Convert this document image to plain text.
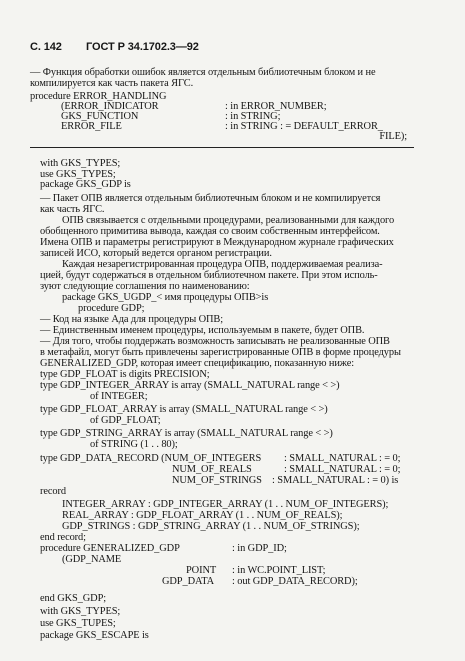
С. 142 ГОСТ Р 34.1702.3—92
— Функция обработки ошибок является отдельным библиотечным блоком и не
компилируется как часть пакета ЯГС.
procedure ERROR_HANDLING
(ERROR_INDICATOR	: in ERROR_NUMBER;
GKS_FUNCTION	: in STRING;
ERROR_FILE	: in STRING : = DEFAULT_ERROR_
FILE);
with GKS_TYPES;
use GKS_TYPES;
package GKS_GDP is
— Пакет ОПВ является отдельным библиотечным блоком и не компилируется
как часть ЯГС.
ОПВ связывается с отдельными процедурами, реализованными для каждого
обобщенного примитива вывода, каждая со своим собственным интерфейсом.
Имена ОПВ и параметры регистрируют в Международном журнале графических
записей ИСО, который ведется органом регистрации.
Каждая незарегистрированная процедура ОПВ, поддерживаемая реализа-
цией, будут содержаться в отдельном библиотечном пакете. При этом исполь-
зуют следующие соглашения по наименованию:
package GKS_UGDP_< имя процедуры ОПВ>is
procedure GDP;
— Код на языке Ада для процедуры ОПВ;
— Единственным именем процедуры, используемым в пакете, будет ОПВ.
— Для того, чтобы поддержать возможность записывать не реализованные ОПВ
в метафайл, могут быть привлечены зарегистрированные ОПВ в форме процедуры
GENERALIZED_GDP, которая имеет спецификацию, показанную ниже:
type GDP_FLOAT is digits PRECISION;
type GDP_INTEGER_ARRAY is array (SMALL_NATURAL range < >)
of INTEGER;
type GDP_FLOAT_ARRAY is array (SMALL_NATURAL range < >)
of GDP_FLOAT;
type GDP_STRING_ARRAY is array (SMALL_NATURAL range < >)
of STRING (1 . . 80);
type GDP_DATA_RECORD (NUM_OF_INTEGERS : SMALL_NATURAL : = 0;
NUM_OF_REALS	: SMALL_NATURAL : = 0;
NUM_OF_STRINGS : SMALL_NATURAL : = 0) is
record
INTEGER_ARRAY : GDP_INTEGER_ARRAY (1 . . NUM_OF_INTEGERS);
REAL_ARRAY : GDP_FLOAT_ARRAY (1 . . NUM_OF_REALS);
GDP_STRINGS : GDP_STRING_ARRAY (1 . . NUM_OF_STRINGS);
end record;
procedure GENERALIZED_GDP	: in GDP_ID;
(GDP_NAME
POINT : in WC.POINT_LIST;
GDP_DATA : out GDP_DATA_RECORD);
end GKS_GDP;
with GKS_TYPES;
use GKS_TUPES;
package GKS_ESCAPE is
